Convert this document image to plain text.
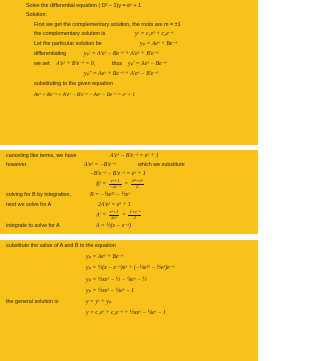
Solve the differential equation ( D² − 1)y = eˣ + 1
Solution:
First we get the complementary solution, the roots are m = ±1
the complementary solution is	yᶜ = c₁eˣ + c₂e⁻ˣ
Let the particular solution be	yₚ = Aeˣ + Be⁻ˣ
differentiating	yₚ′ = A′eˣ − Be⁻ˣ + A′eˣ + B′e⁻ˣ
we set A′eˣ + B′e⁻ˣ = 0,	thus yₚ′ = Aeˣ − Be⁻ˣ
yₚ″ = Aeˣ + Be⁻ˣ + A′eˣ − B′e⁻ˣ
substituting to the given equation
Aeˣ + Be⁻ˣ + A′eˣ − B′e⁻ˣ − Aeˣ − Be⁻ˣ = eˣ + 1
canceling like terms, we have	A′eˣ − B′e⁻ˣ = eˣ + 1
however	A′eˣ = −B′e⁻ˣ	which we substitute
−B′e⁻ˣ − B′e⁻ˣ = eˣ + 1
$B' = \frac{\text{eˣ+1}}{\text{−2e⁻ˣ}} = \frac{\text{e²ˣ+eˣ}}{2}$
solving for B by integration,	B = −¼e²ˣ − ½eˣ
next we solve for A	2A′eˣ = eˣ + 1
$A' = \frac{\text{eˣ+1}}{\text{2eˣ}} = \frac{\text{1+e⁻ˣ}}{2}$
integrate to solve for A	A = ½(x − e⁻ˣ)
substitute the value of A and B to the equation
yₚ = Aeˣ + Be⁻ˣ
yₚ = ½(x − e⁻ˣ)eˣ + (−¼e²ˣ − ½eˣ)e⁻ˣ
yₚ = ½xeˣ − ½ − ¼eˣ − ½
yₚ = ½xeˣ − ¼eˣ − 1
the general solution is	y = yᶜ + yₚ
y = c₁eˣ + c₂e⁻ˣ + ½xeˣ − ¼eˣ − 1
